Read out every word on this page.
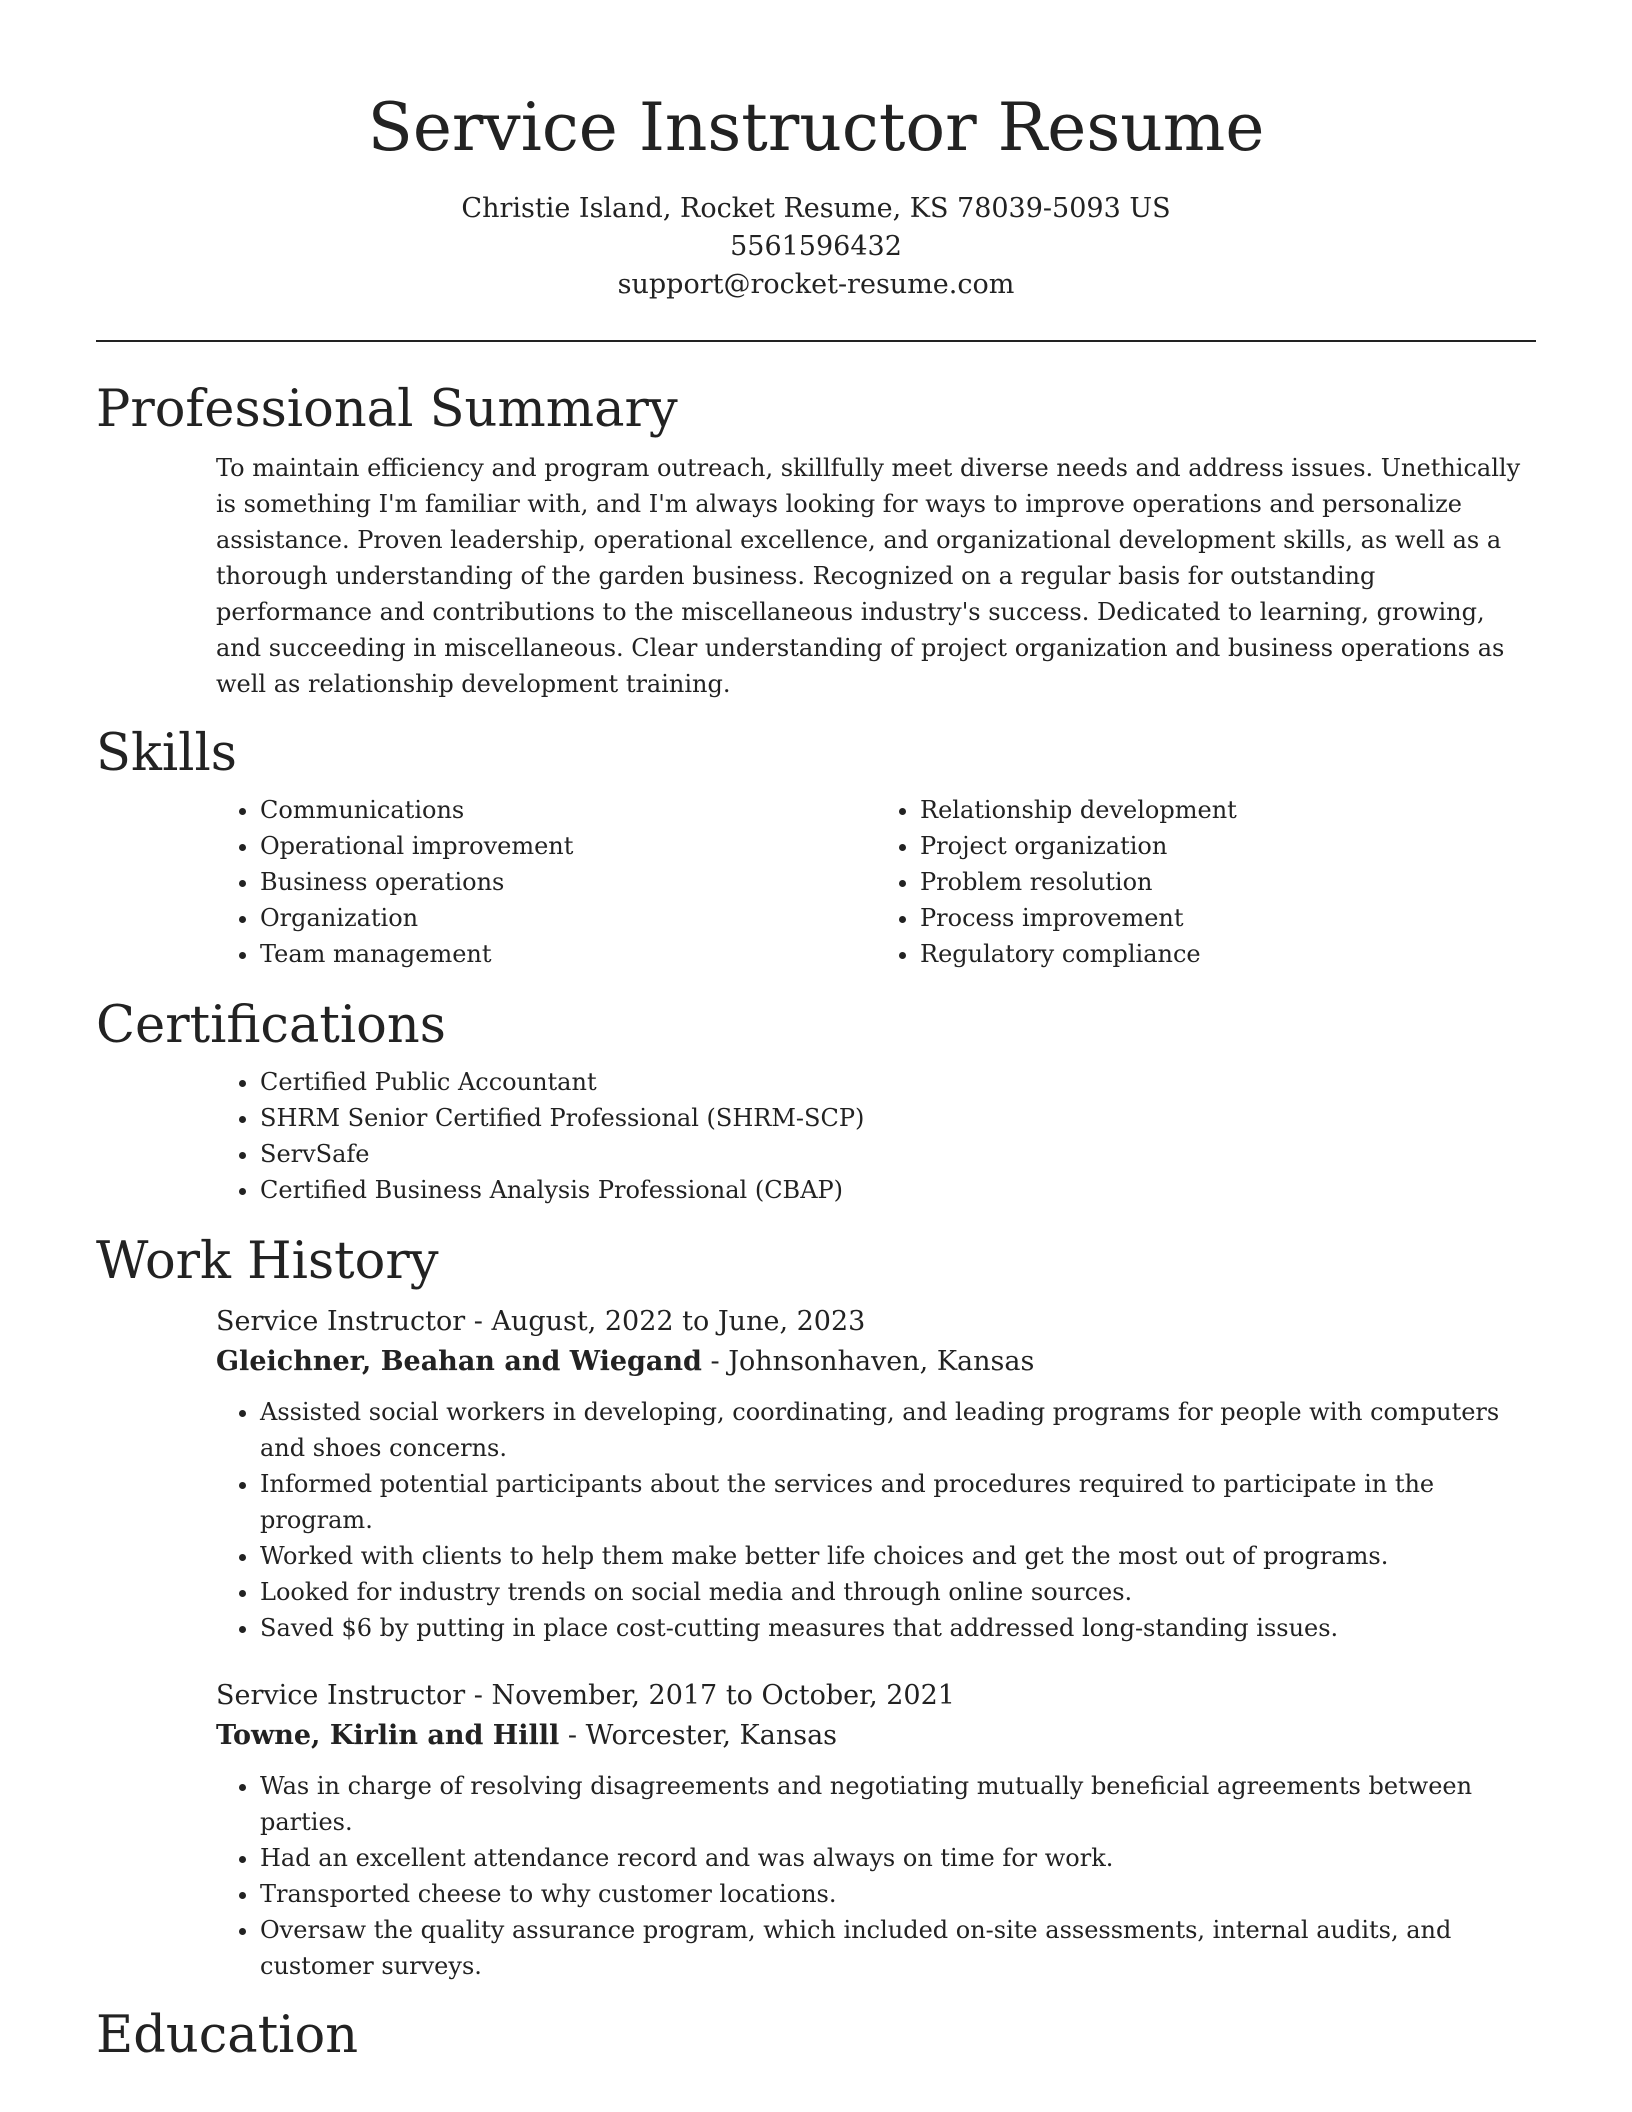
Service Instructor Resume
Christie Island, Rocket Resume, KS 78039-5093 US
5561596432
support@rocket-resume.com
Professional Summary

To maintain efficiency and program outreach, skillfully meet diverse needs and address issues. Unethically is something I'm familiar with, and I'm always looking for ways to improve operations and personalize assistance. Proven leadership, operational excellence, and organizational development skills, as well as a thorough understanding of the garden business. Recognized on a regular basis for outstanding performance and contributions to the miscellaneous industry's success. Dedicated to learning, growing, and succeeding in miscellaneous. Clear understanding of project organization and business operations as well as relationship development training.

Skills
• Communications
• Operational improvement
• Business operations
• Organization
• Team management
• Relationship development
• Project organization
• Problem resolution
• Process improvement
• Regulatory compliance
Certifications
• Certified Public Accountant
• SHRM Senior Certified Professional (SHRM-SCP)
• ServSafe
• Certified Business Analysis Professional (CBAP)
Work History
Service Instructor - August, 2022 to June, 2023
Gleichner, Beahan and Wiegand - Johnsonhaven, Kansas
• Assisted social workers in developing, coordinating, and leading programs for people with computers and shoes concerns.
• Informed potential participants about the services and procedures required to participate in the program.
• Worked with clients to help them make better life choices and get the most out of programs.
• Looked for industry trends on social media and through online sources.
• Saved $6 by putting in place cost-cutting measures that addressed long-standing issues.
Service Instructor - November, 2017 to October, 2021
Towne, Kirlin and Hilll - Worcester, Kansas
• Was in charge of resolving disagreements and negotiating mutually beneficial agreements between parties.
• Had an excellent attendance record and was always on time for work.
• Transported cheese to why customer locations.
• Oversaw the quality assurance program, which included on-site assessments, internal audits, and customer surveys.
Education
